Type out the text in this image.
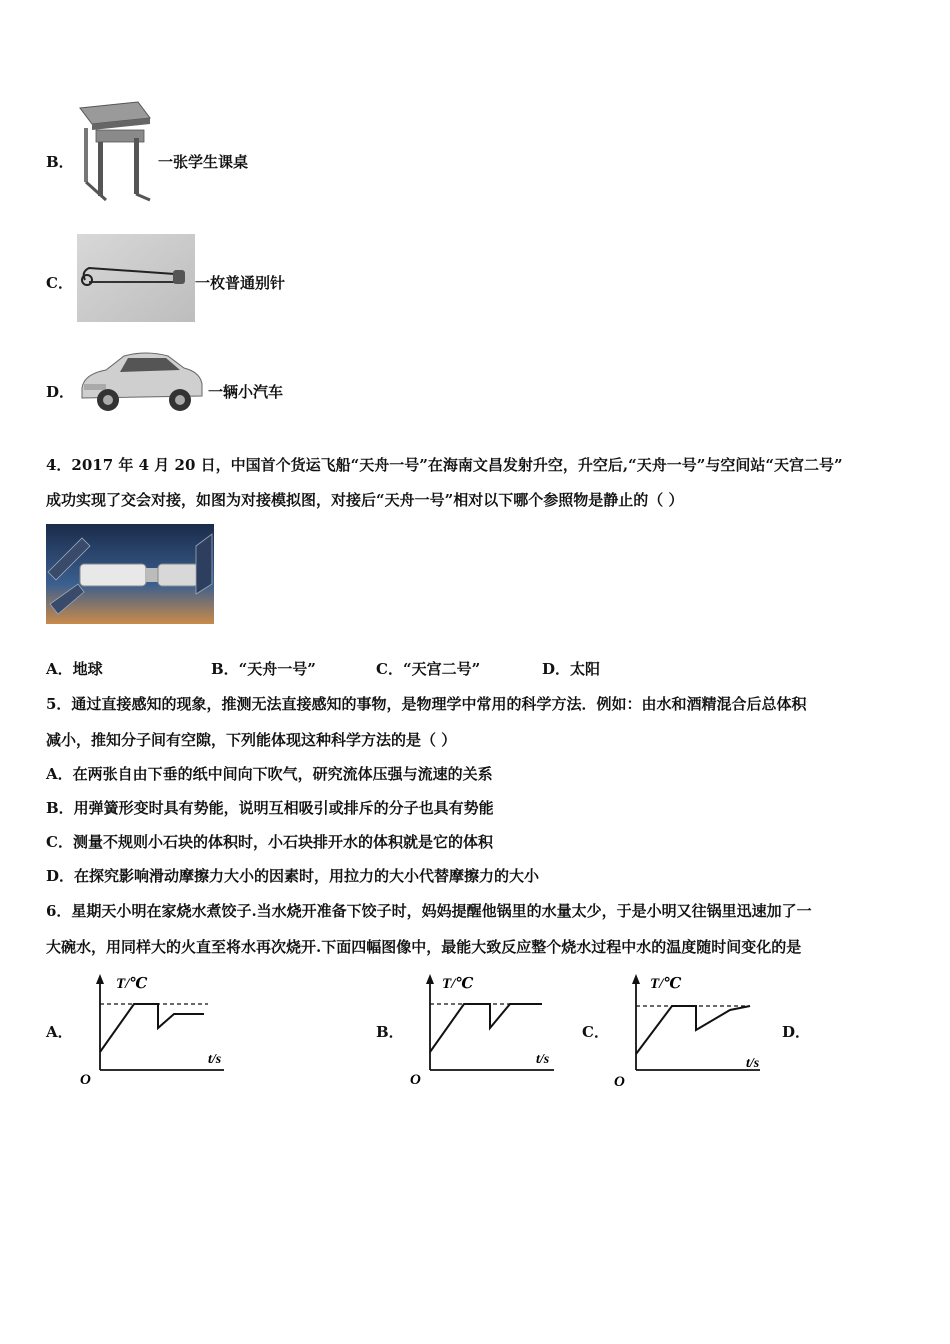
B．	一张学生课桌
C．	一枚普通别针
D．	一辆小汽车
4．2017 年 4 月 20 日，中国首个货运飞船“天舟一号”在海南文昌发射升空，升空后,“天舟一号”与空间站“天宫二号”
成功实现了交会对接，如图为对接模拟图，对接后“天舟一号”相对以下哪个参照物是静止的（ ）
A．地球	B．“天舟一号”	C．“天宫二号”	D．太阳
5．通过直接感知的现象，推测无法直接感知的事物，是物理学中常用的科学方法．例如：由水和酒精混合后总体积
减小，推知分子间有空隙，下列能体现这种科学方法的是（ ）
A．在两张自由下垂的纸中间向下吹气，研究流体压强与流速的关系
B．用弹簧形变时具有势能，说明互相吸引或排斥的分子也具有势能
C．测量不规则小石块的体积时，小石块排开水的体积就是它的体积
D．在探究影响滑动摩擦力大小的因素时，用拉力的大小代替摩擦力的大小
6．星期天小明在家烧水煮饺子.当水烧开准备下饺子时，妈妈提醒他锅里的水量太少，于是小明又往锅里迅速加了一
大碗水，用同样大的火直至将水再次烧开.下面四幅图像中，最能大致反应整个烧水过程中水的温度随时间变化的是
A．
T/℃
t/s
O
B．
T/℃
t/s
O
C．
T/℃
t/s
O
D．
